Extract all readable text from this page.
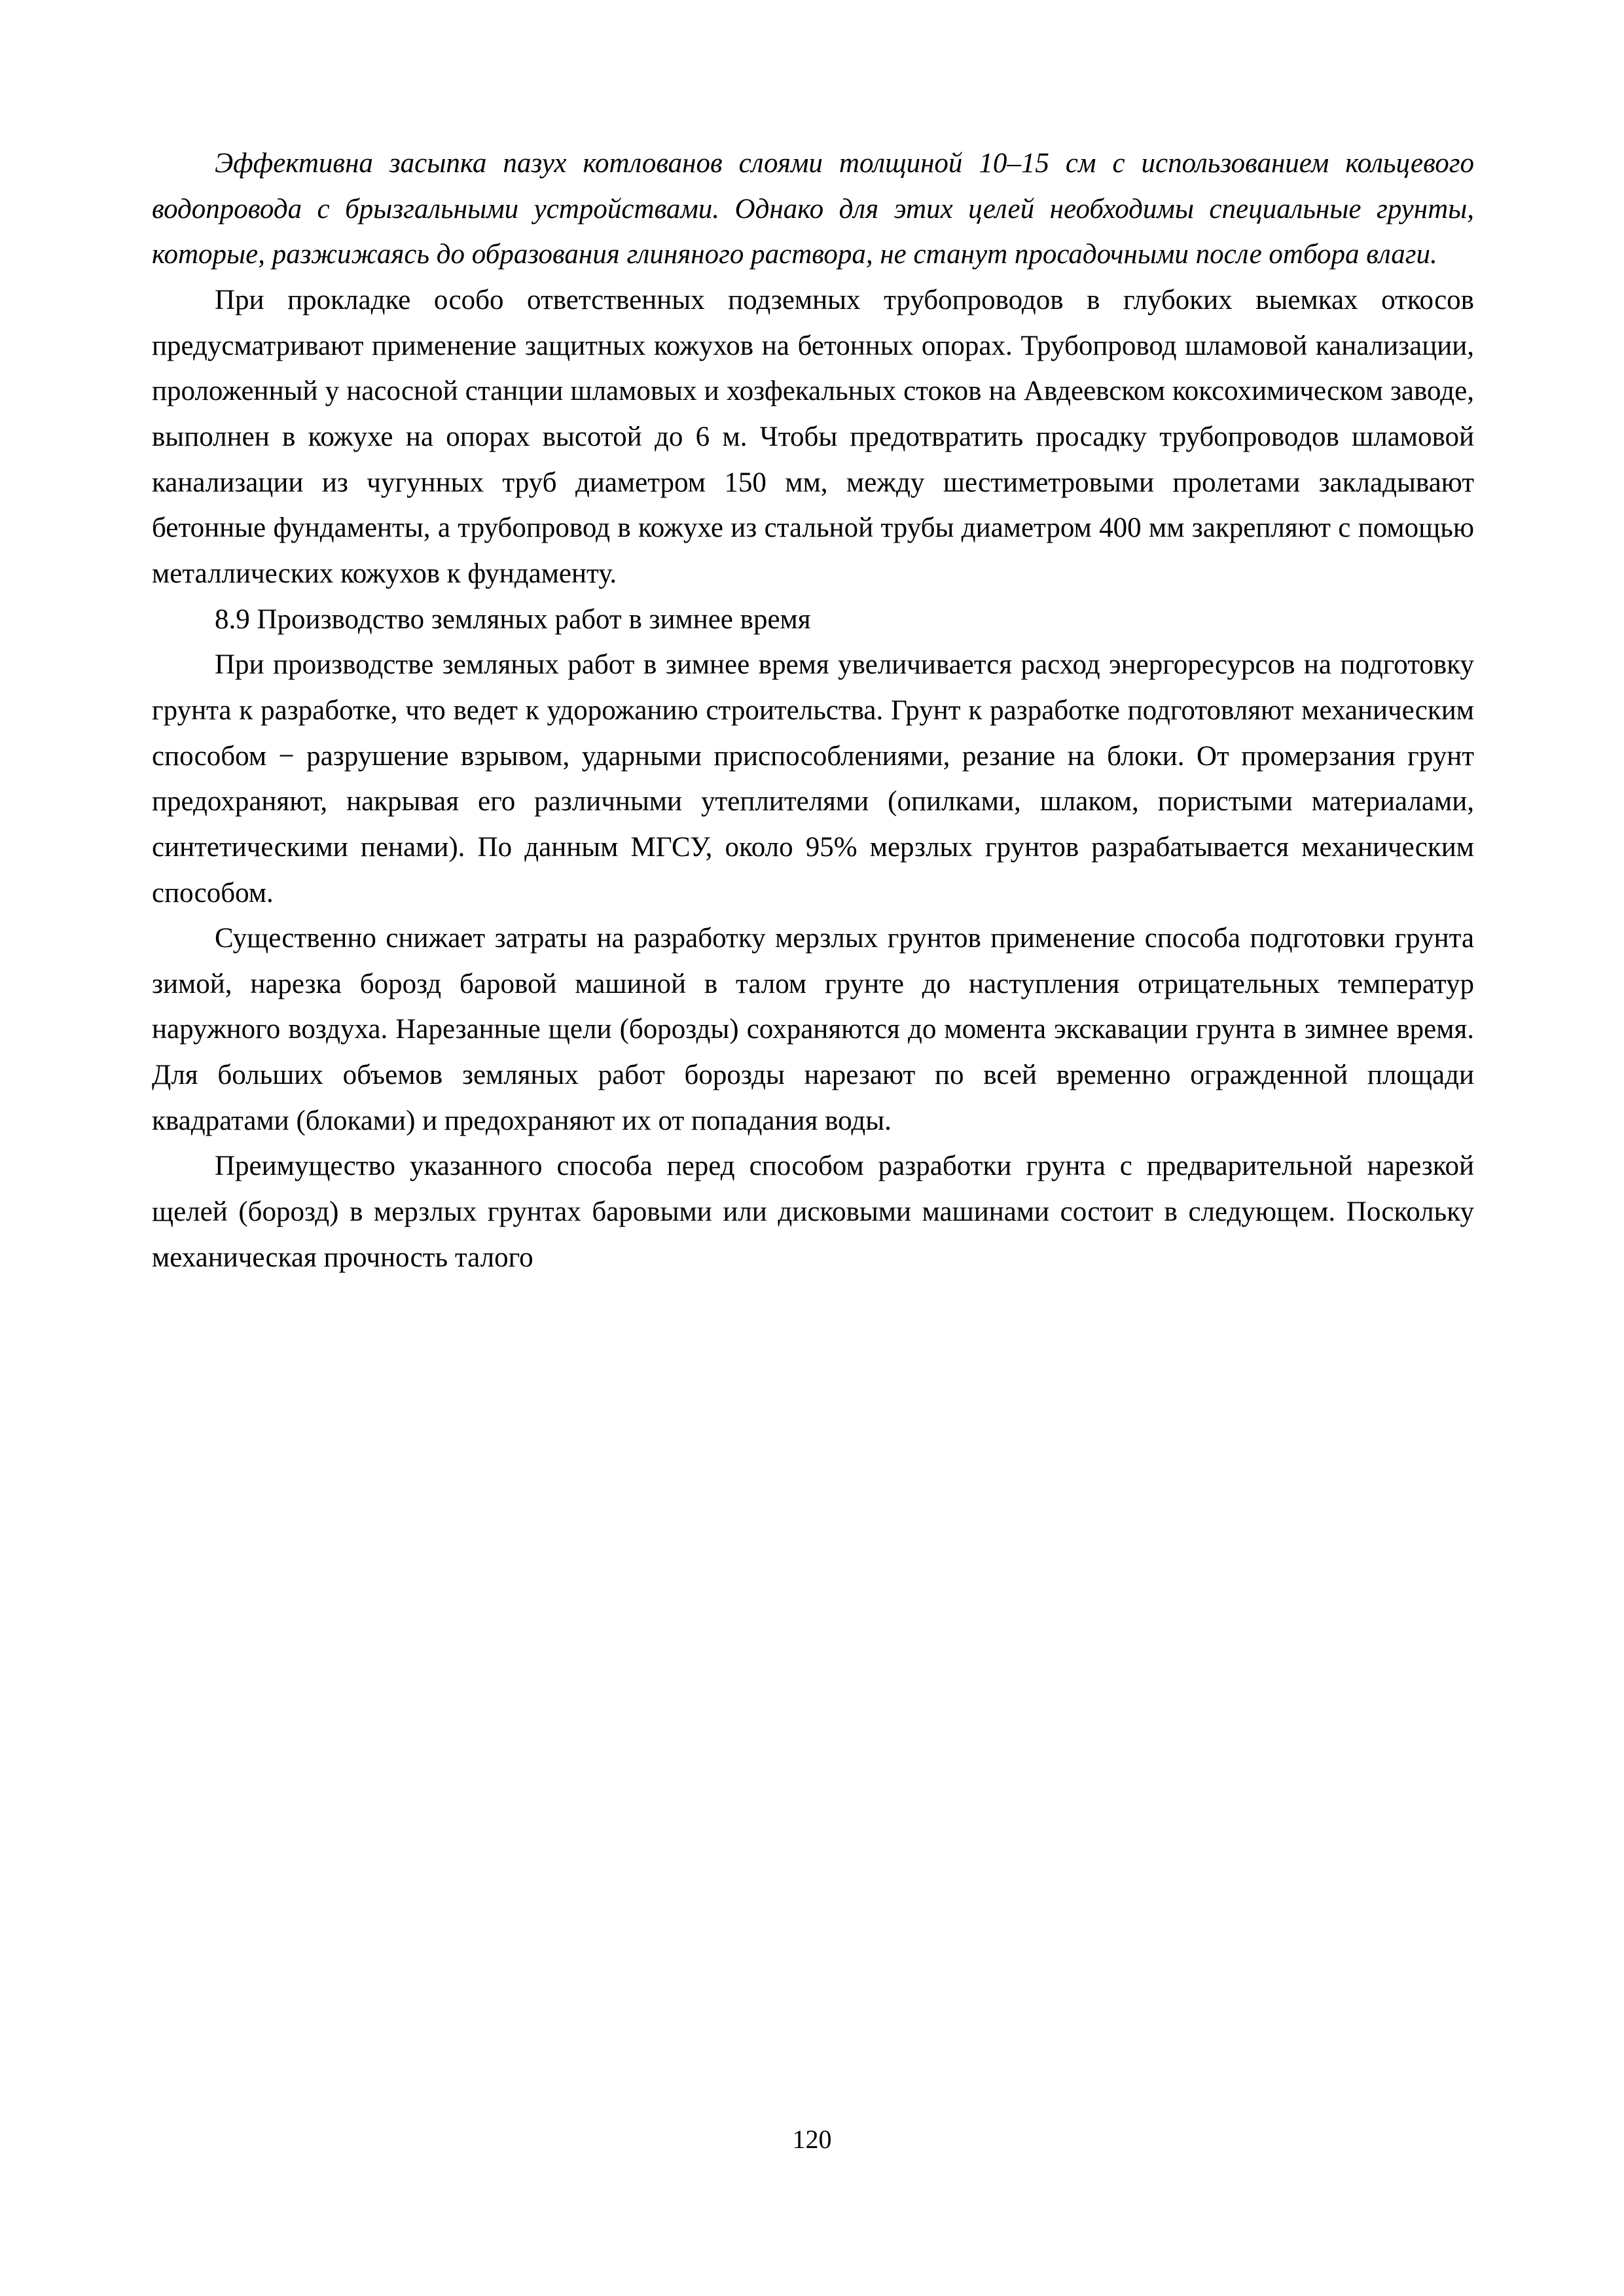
Эффективна засыпка пазух котлованов слоями толщиной 10–15 см с использованием кольцевого водопровода с брызгальными устройствами. Однако для этих целей необходимы специальные грунты, которые, разжижаясь до образования глиняного раствора, не станут просадочными после отбора влаги.

При прокладке особо ответственных подземных трубопроводов в глубоких выемках откосов предусматривают применение защитных кожухов на бетонных опорах. Трубопровод шламовой канализации, проложенный у насосной станции шламовых и хозфекальных стоков на Авдеевском коксохимическом заводе, выполнен в кожухе на опорах высотой до 6 м. Чтобы предотвратить просадку трубопроводов шламовой канализации из чугунных труб диаметром 150 мм, между шестиметровыми пролетами закладывают бетонные фундаменты, а трубопровод в кожухе из стальной трубы диаметром 400 мм закрепляют с помощью металлических кожухов к фундаменту.

8.9 Производство земляных работ в зимнее время

При производстве земляных работ в зимнее время увеличивается расход энергоресурсов на подготовку грунта к разработке, что ведет к удорожанию строительства. Грунт к разработке подготовляют механическим способом − разрушение взрывом, ударными приспособлениями, резание на блоки. От промерзания грунт предохраняют, накрывая его различными утеплителями (опилками, шлаком, пористыми материалами, синтетическими пенами). По данным МГСУ, около 95% мерзлых грунтов разрабатывается механическим способом.

Существенно снижает затраты на разработку мерзлых грунтов применение способа подготовки грунта зимой, нарезка борозд баровой машиной в талом грунте до наступления отрицательных температур наружного воздуха. Нарезанные щели (борозды) сохраняются до момента экскавации грунта в зимнее время. Для больших объемов земляных работ борозды нарезают по всей временно огражденной площади квадратами (блоками) и предохраняют их от попадания воды.

Преимущество указанного способа перед способом разработки грунта с предварительной нарезкой щелей (борозд) в мерзлых грунтах баровыми или дисковыми машинами состоит в следующем. Поскольку механическая прочность талого

120
